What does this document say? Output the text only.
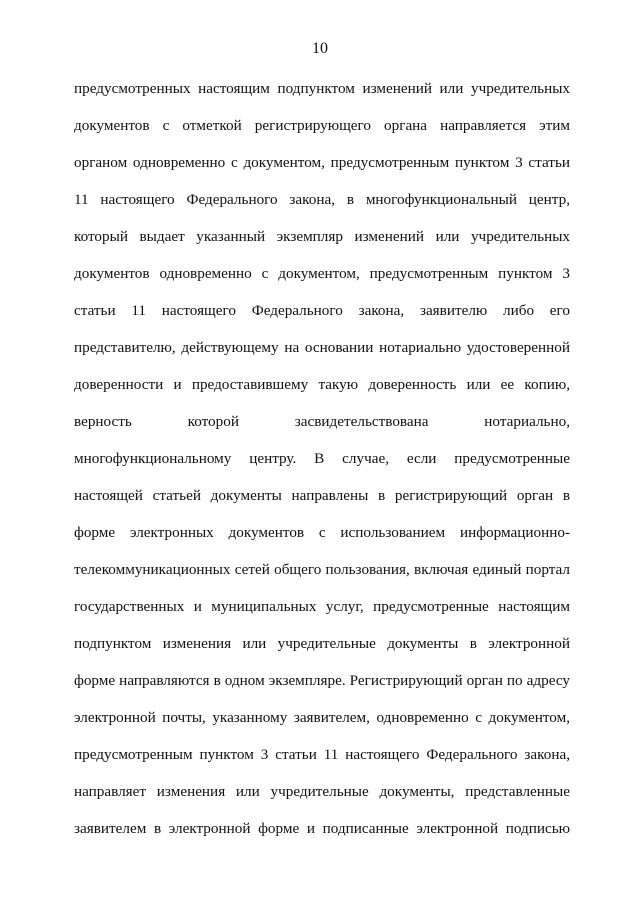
10
предусмотренных настоящим подпунктом изменений или учредительных
документов с отметкой регистрирующего органа направляется этим
органом одновременно с документом, предусмотренным пунктом 3 статьи
11 настоящего Федерального закона, в многофункциональный центр,
который выдает указанный экземпляр изменений или учредительных
документов одновременно с документом, предусмотренным пунктом 3
статьи 11 настоящего Федерального закона, заявителю либо его
представителю, действующему на основании нотариально удостоверенной
доверенности и предоставившему такую доверенность или ее копию,
верность которой засвидетельствована нотариально,
многофункциональному центру. В случае, если предусмотренные
настоящей статьей документы направлены в регистрирующий орган в
форме электронных документов с использованием информационно-
телекоммуникационных сетей общего пользования, включая единый портал
государственных и муниципальных услуг, предусмотренные настоящим
подпунктом изменения или учредительные документы в электронной
форме направляются в одном экземпляре. Регистрирующий орган по адресу
электронной почты, указанному заявителем, одновременно с документом,
предусмотренным пунктом 3 статьи 11 настоящего Федерального закона,
направляет изменения или учредительные документы, представленные
заявителем в электронной форме и подписанные электронной подписью
